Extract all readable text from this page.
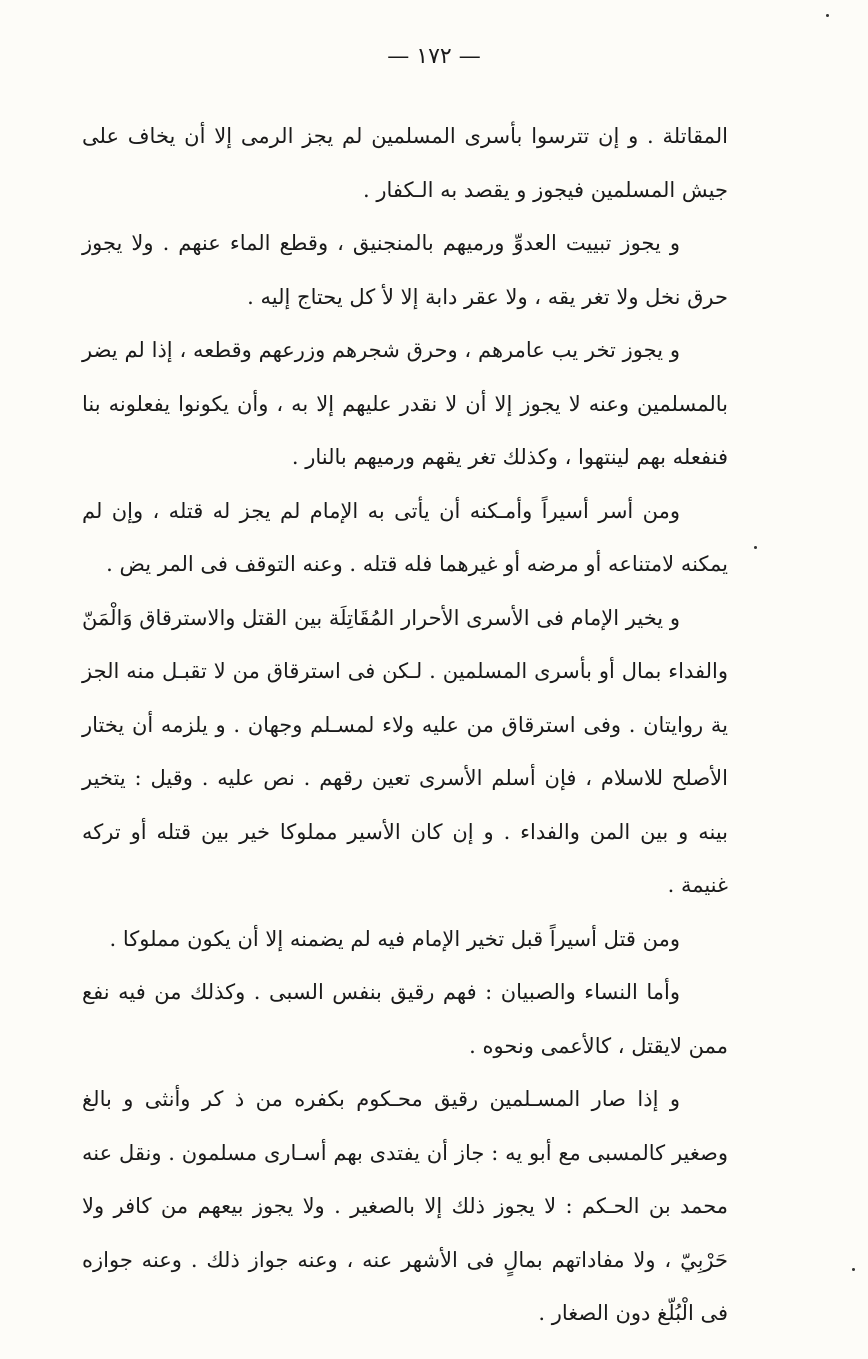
— ١٧٢ —

المقاتلة . و إن تترسوا بأسرى المسلمين لم يجز الرمى إلا أن يخاف على جيش المسلمين فيجوز و يقصد به الـكفار .

و يجوز تبييت العدوِّ ورميهم بالمنجنيق ، وقطع الماء عنهم . ولا يجوز حرق نخل ولا تغر يقه ، ولا عقر دابة إلا لأ كل يحتاج إليه .

و يجوز تخر يب عامرهم ، وحرق شجرهم وزرعهم وقطعه ، إذا لم يضر بالمسلمين وعنه لا يجوز إلا أن لا نقدر عليهم إلا به ، وأن يكونوا يفعلونه بنا فنفعله بهم لينتهوا ، وكذلك تغر يقهم ورميهم بالنار .

ومن أسر أسيراً وأمـكنه أن يأتى به الإمام لم يجز له قتله ، وإن لم يمكنه لامتناعه أو مرضه أو غيرهما فله قتله . وعنه التوقف فى المر يض .

و يخير الإمام فى الأسرى الأحرار المُقَاتِلَة بين القتل والاسترقاق وَالْمَنّ والفداء بمال أو بأسرى المسلمين . لـكن فى استرقاق من لا تقبـل منه الجز ية روايتان . وفى استرقاق من عليه ولاء لمسـلم وجهان . و يلزمه أن يختار الأصلح للاسلام ، فإن أسلم الأسرى تعين رقهم . نص عليه . وقيل : يتخير بينه و بين المن والفداء . و إن كان الأسير مملوكا خير بين قتله أو تركه غنيمة .

ومن قتل أسيراً قبل تخير الإمام فيه لم يضمنه إلا أن يكون مملوكا .

وأما النساء والصبيان : فهم رقيق بنفس السبى . وكذلك من فيه نفع ممن لايقتل ، كالأعمى ونحوه .

و إذا صار المسـلمين رقيق محـكوم بكفره من ذ كر وأنثى و بالغ وصغير كالمسبى مع أبو يه : جاز أن يفتدى بهم أسـارى مسلمون . ونقل عنه محمد بن الحـكم : لا يجوز ذلك إلا بالصغير . ولا يجوز بيعهم من كافر ولا حَرْبِيّ ، ولا مفاداتهم بمالٍ فى الأشهر عنه ، وعنه جواز ذلك . وعنه جوازه فى الْبُلّغ دون الصغار .
